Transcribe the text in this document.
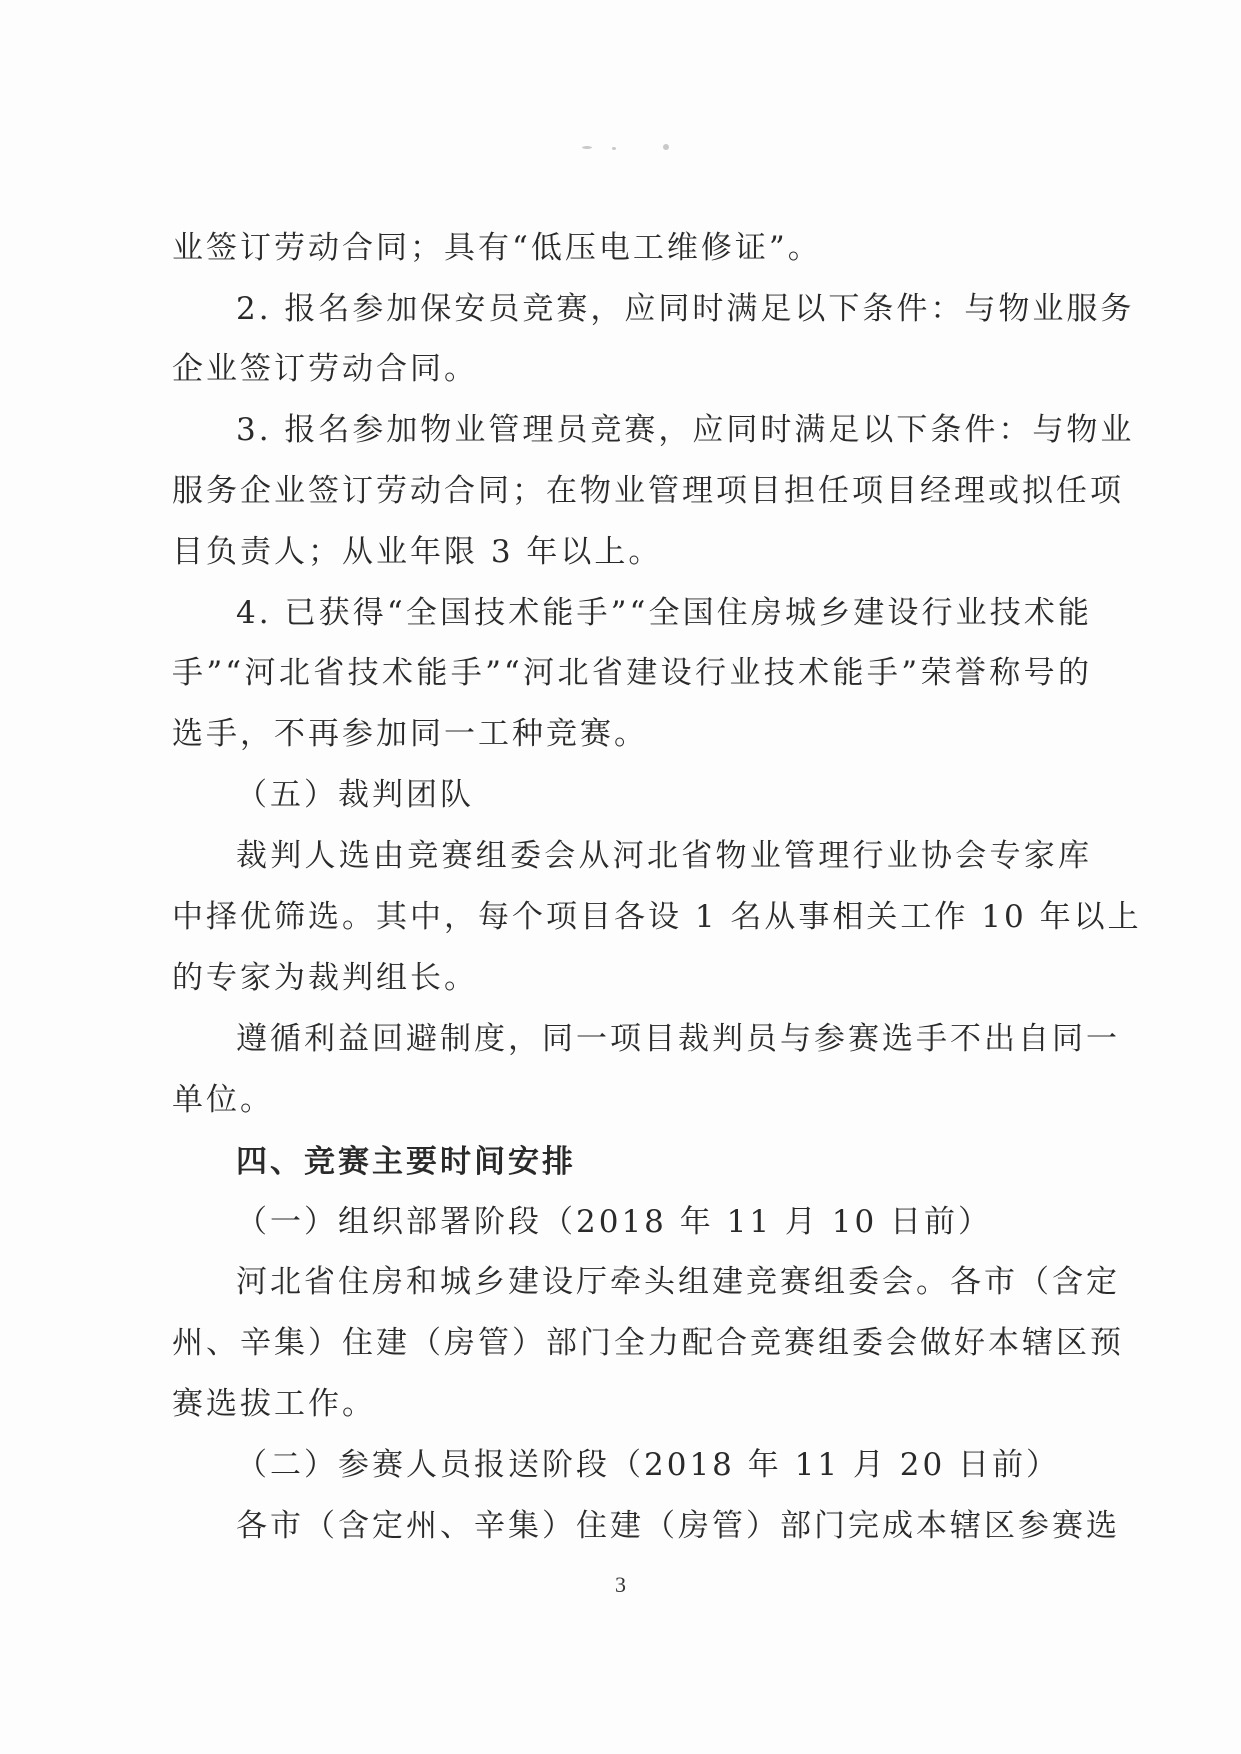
业签订劳动合同；具有“低压电工维修证”。
2. 报名参加保安员竞赛，应同时满足以下条件：与物业服务
企业签订劳动合同。
3. 报名参加物业管理员竞赛，应同时满足以下条件：与物业
服务企业签订劳动合同；在物业管理项目担任项目经理或拟任项
目负责人；从业年限 3 年以上。
4. 已获得“全国技术能手”“全国住房城乡建设行业技术能
手”“河北省技术能手”“河北省建设行业技术能手”荣誉称号的
选手，不再参加同一工种竞赛。
（五）裁判团队
裁判人选由竞赛组委会从河北省物业管理行业协会专家库
中择优筛选。其中，每个项目各设 1 名从事相关工作 10 年以上
的专家为裁判组长。
遵循利益回避制度，同一项目裁判员与参赛选手不出自同一
单位。
四、竞赛主要时间安排
（一）组织部署阶段（2018 年 11 月 10 日前）
河北省住房和城乡建设厅牵头组建竞赛组委会。各市（含定
州、辛集）住建（房管）部门全力配合竞赛组委会做好本辖区预
赛选拔工作。
（二）参赛人员报送阶段（2018 年 11 月 20 日前）
各市（含定州、辛集）住建（房管）部门完成本辖区参赛选
3
